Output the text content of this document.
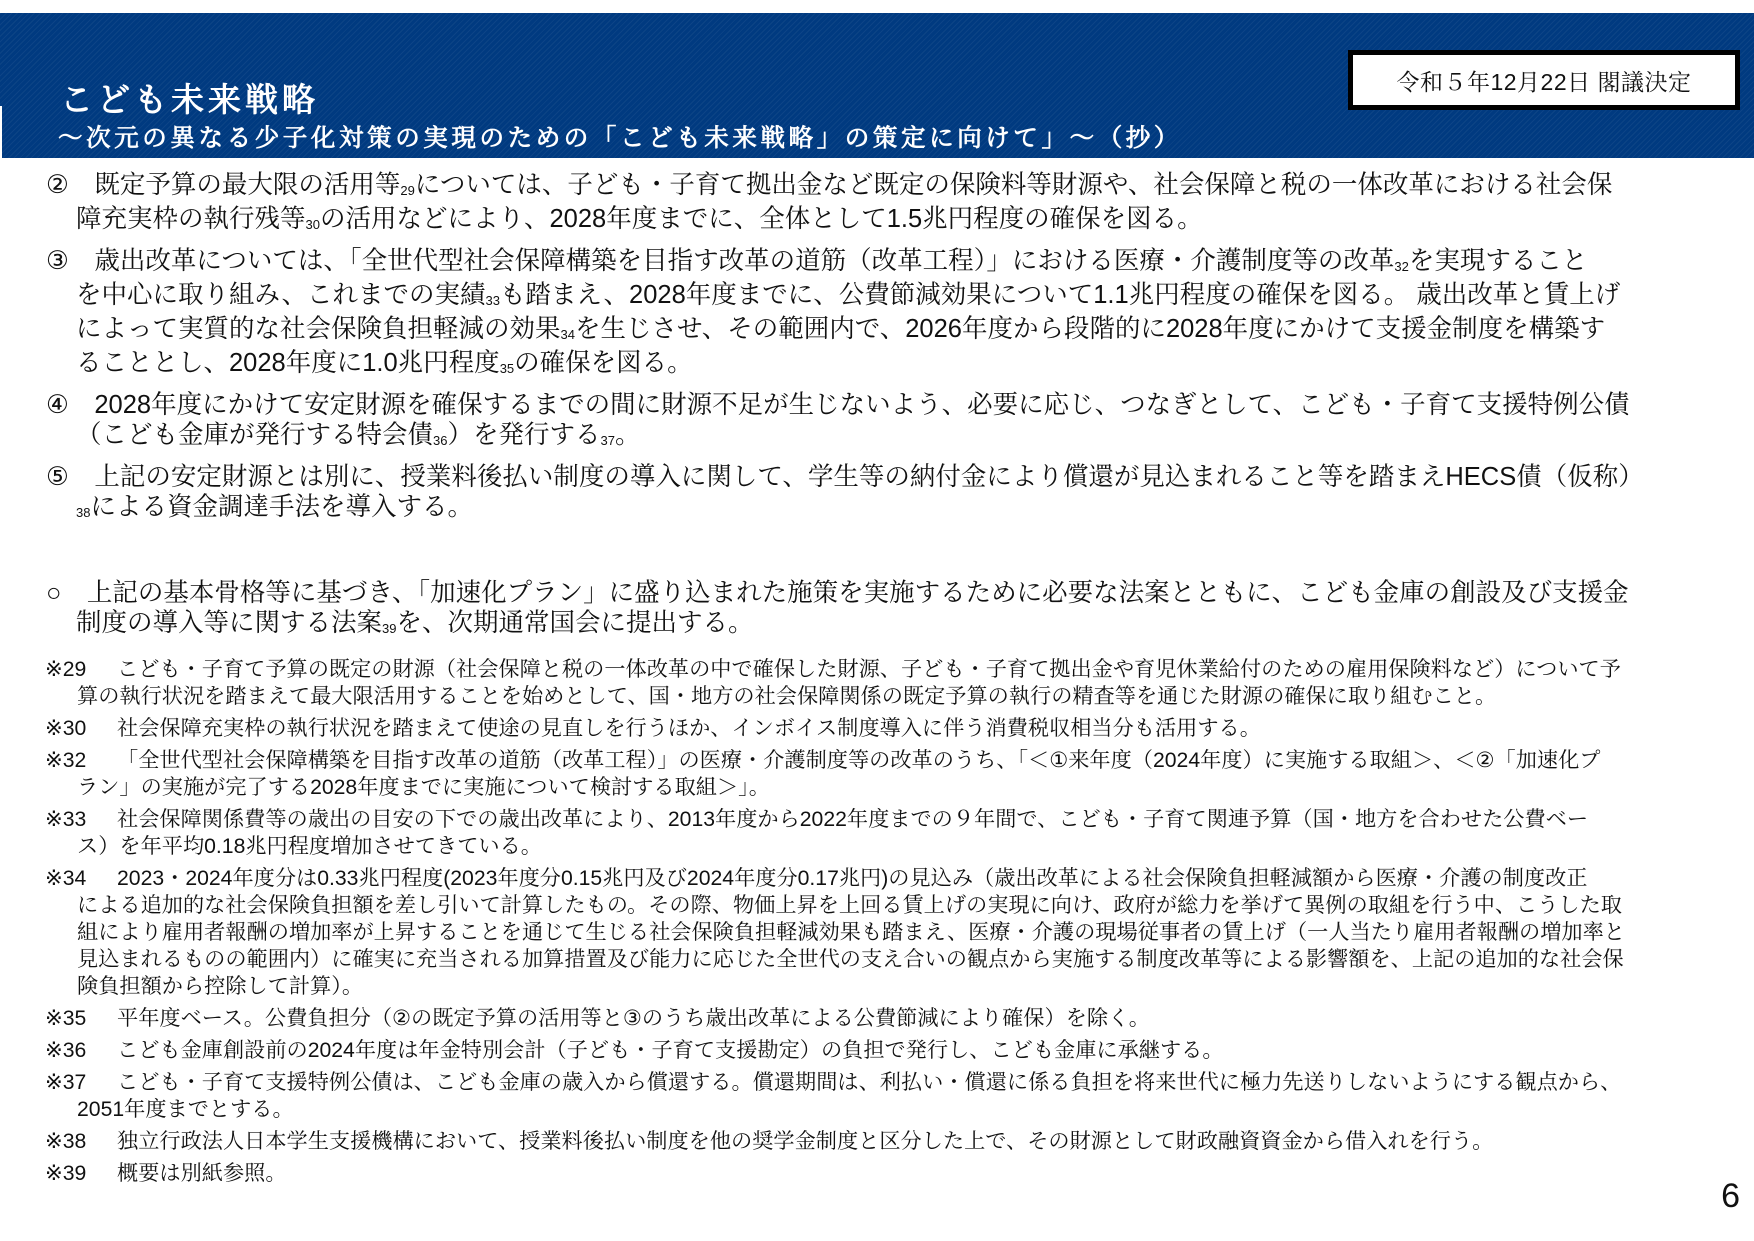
こども未来戦略
～次元の異なる少子化対策の実現のための「こども未来戦略」の策定に向けて」～（抄）
令和５年12月22日 閣議決定
②　既定予算の最大限の活用等$_{29}$については、子ども・子育て拠出金など既定の保険料等財源や、社会保障と税の一体改革における社会保
障充実枠の執行残等$_{30}$の活用などにより、2028年度までに、全体として1.5兆円程度の確保を図る。
③　歳出改革については、「全世代型社会保障構築を目指す改革の道筋（改革工程）」における医療・介護制度等の改革$_{32}$を実現すること
を中心に取り組み、これまでの実績$_{33}$も踏まえ、2028年度までに、公費節減効果について1.1兆円程度の確保を図る。 歳出改革と賃上げ
によって実質的な社会保険負担軽減の効果$_{34}$を生じさせ、その範囲内で、2026年度から段階的に2028年度にかけて支援金制度を構築す
ることとし、2028年度に1.0兆円程度$_{35}$の確保を図る。
④　2028年度にかけて安定財源を確保するまでの間に財源不足が生じないよう、必要に応じ、つなぎとして、こども・子育て支援特例公債
（こども金庫が発行する特会債$_{36}$）を発行する$_{37}$。
⑤　上記の安定財源とは別に、授業料後払い制度の導入に関して、学生等の納付金により償還が見込まれること等を踏まえHECS債（仮称）
$_{38}$による資金調達手法を導入する。
○　上記の基本骨格等に基づき、「加速化プラン」に盛り込まれた施策を実施するために必要な法案とともに、こども金庫の創設及び支援金
制度の導入等に関する法案$_{39}$を、次期通常国会に提出する。
※29 こども・子育て予算の既定の財源（社会保障と税の一体改革の中で確保した財源、子ども・子育て拠出金や育児休業給付のための雇用保険料など）について予
算の執行状況を踏まえて最大限活用することを始めとして、国・地方の社会保障関係の既定予算の執行の精査等を通じた財源の確保に取り組むこと。
※30 社会保障充実枠の執行状況を踏まえて使途の見直しを行うほか、インボイス制度導入に伴う消費税収相当分も活用する。
※32 「全世代型社会保障構築を目指す改革の道筋（改革工程）」の医療・介護制度等の改革のうち、「＜①来年度（2024年度）に実施する取組＞、＜②「加速化プ
ラン」の実施が完了する2028年度までに実施について検討する取組＞」。
※33 社会保障関係費等の歳出の目安の下での歳出改革により、2013年度から2022年度までの９年間で、こども・子育て関連予算（国・地方を合わせた公費ベー
ス）を年平均0.18兆円程度増加させてきている。
※34 2023・2024年度分は0.33兆円程度(2023年度分0.15兆円及び2024年度分0.17兆円)の見込み（歳出改革による社会保険負担軽減額から医療・介護の制度改正
による追加的な社会保険負担額を差し引いて計算したもの。その際、物価上昇を上回る賃上げの実現に向け、政府が総力を挙げて異例の取組を行う中、こうした取
組により雇用者報酬の増加率が上昇することを通じて生じる社会保険負担軽減効果も踏まえ、医療・介護の現場従事者の賃上げ（一人当たり雇用者報酬の増加率と
見込まれるものの範囲内）に確実に充当される加算措置及び能力に応じた全世代の支え合いの観点から実施する制度改革等による影響額を、上記の追加的な社会保
険負担額から控除して計算）。
※35 平年度ベース。公費負担分（②の既定予算の活用等と③のうち歳出改革による公費節減により確保）を除く。
※36 こども金庫創設前の2024年度は年金特別会計（子ども・子育て支援勘定）の負担で発行し、こども金庫に承継する。
※37 こども・子育て支援特例公債は、こども金庫の歳入から償還する。償還期間は、利払い・償還に係る負担を将来世代に極力先送りしないようにする観点から、
2051年度までとする。
※38 独立行政法人日本学生支援機構において、授業料後払い制度を他の奨学金制度と区分した上で、その財源として財政融資資金から借入れを行う。
※39 概要は別紙参照。
6
